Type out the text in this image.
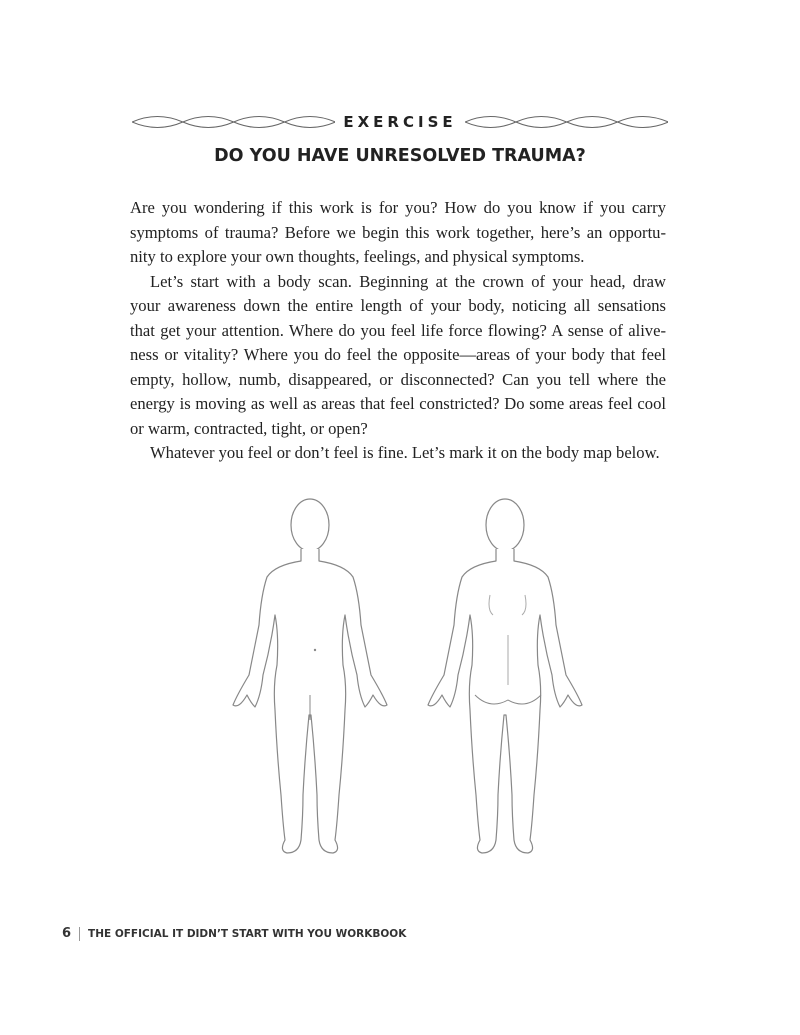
EXERCISE
DO YOU HAVE UNRESOLVED TRAUMA?
Are you wondering if this work is for you? How do you know if you carry
symptoms of trauma? Before we begin this work together, here’s an opportu-
nity to explore your own thoughts, feelings, and physical symptoms.
Let’s start with a body scan. Beginning at the crown of your head, draw
your awareness down the entire length of your body, noticing all sensations
that get your attention. Where do you feel life force flowing? A sense of alive-
ness or vitality? Where you do feel the opposite—areas of your body that feel
empty, hollow, numb, disappeared, or disconnected? Can you tell where the
energy is moving as well as areas that feel constricted? Do some areas feel cool
or warm, contracted, tight, or open?
Whatever you feel or don’t feel is fine. Let’s mark it on the body map below.
6 THE OFFICIAL IT DIDN’T START WITH YOU WORKBOOK
